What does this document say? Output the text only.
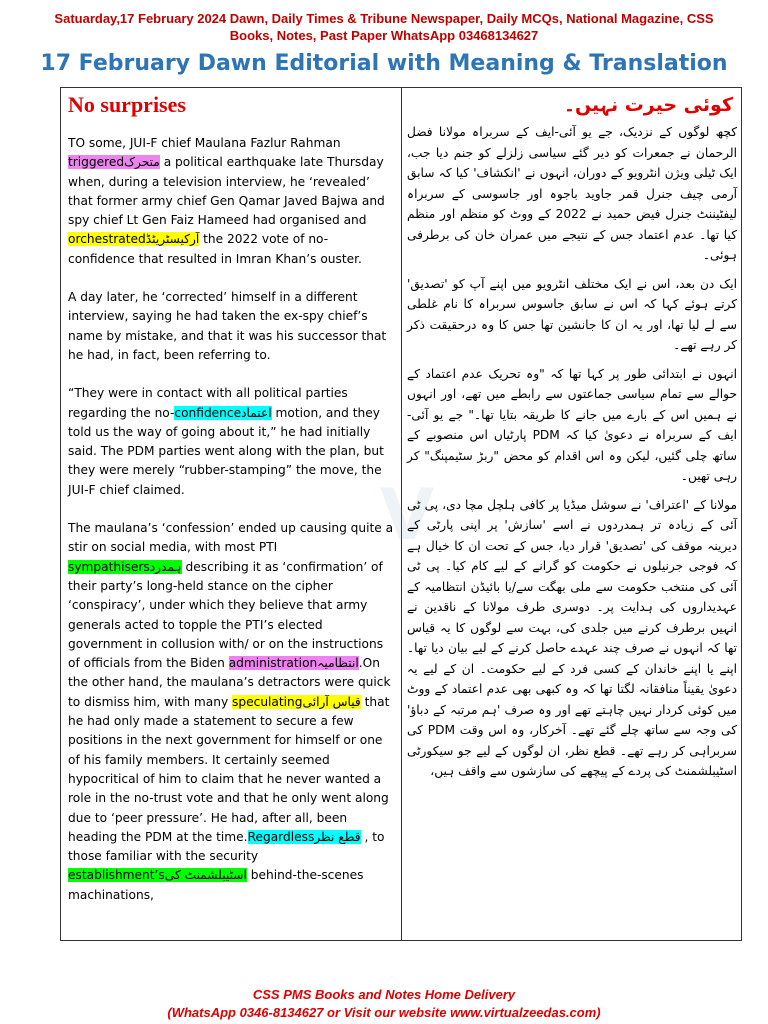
Satuarday,17 February 2024 Dawn, Daily Times & Tribune Newspaper, Daily MCQs, National Magazine, CSS
Books, Notes, Past Paper WhatsApp 03468134627
17 February Dawn Editorial with Meaning & Translation
V
No surprises

TO some, JUI-F chief Maulana Fazlur Rahman triggeredمتحرک a political earthquake late Thursday when, during a television interview, he ‘revealed’ that former army chief Gen Qamar Javed Bajwa and spy chief Lt Gen Faiz Hameed had organised and orchestratedآرکیسٹریٹڈ the 2022 vote of no-confidence that resulted in Imran Khan’s ouster.

A day later, he ‘corrected’ himself in a different interview, saying he had taken the ex-spy chief’s name by mistake, and that it was his successor that he had, in fact, been referring to.

“They were in contact with all political parties regarding the no-confidenceاعتماد motion, and they told us the way of going about it,” he had initially said. The PDM parties went along with the plan, but they were merely “rubber-stamping” the move, the JUI-F chief claimed.

The maulana’s ‘confession’ ended up causing quite a stir on social media, with most PTI sympathisersہمدرد describing it as ‘confirmation’ of their party’s long-held stance on the cipher ‘conspiracy’, under which they believe that army generals acted to topple the PTI’s elected government in collusion with/ or on the instructions of officials from the Biden administrationانتظامیہ.On the other hand, the maulana’s detractors were quick to dismiss him, with many speculatingقیاس آرائی that he had only made a statement to secure a few positions in the next government for himself or one of his family members. It certainly seemed hypocritical of him to claim that he never wanted a role in the no-trust vote and that he only went along due to ‘peer pressure’. He had, after all, been heading the PDM at the time.Regardlessقطع نظر , to those familiar with the security establishment’sاسٹیبلشمنٹ کی behind-the-scenes machinations,

کوئی حیرت نہیں۔

کچھ لوگوں کے نزدیک، جے یو آئی-ایف کے سربراہ مولانا فضل الرحمان نے جمعرات کو دیر گئے سیاسی زلزلے کو جنم دیا جب، ایک ٹیلی ویژن انٹرویو کے دوران، انہوں نے 'انکشاف' کیا کہ سابق آرمی چیف جنرل قمر جاوید باجوہ اور جاسوسی کے سربراہ لیفٹیننٹ جنرل فیض حمید نے 2022 کے ووٹ کو منظم اور منظم کیا تھا۔ عدم اعتماد جس کے نتیجے میں عمران خان کی برطرفی ہوئی۔

ایک دن بعد، اس نے ایک مختلف انٹرویو میں اپنے آپ کو 'تصدیق' کرتے ہوئے کہا کہ اس نے سابق جاسوس سربراہ کا نام غلطی سے لے لیا تھا، اور یہ ان کا جانشین تھا جس کا وہ درحقیقت ذکر کر رہے تھے۔

انہوں نے ابتدائی طور پر کہا تھا کہ "وہ تحریک عدم اعتماد کے حوالے سے تمام سیاسی جماعتوں سے رابطے میں تھے، اور انہوں نے ہمیں اس کے بارے میں جانے کا طریقہ بتایا تھا۔" جے یو آئی-ایف کے سربراہ نے دعویٰ کیا کہ PDM پارٹیاں اس منصوبے کے ساتھ چلی گئیں، لیکن وہ اس اقدام کو محض "ربڑ سٹیمپنگ" کر رہی تھیں۔

مولانا کے 'اعتراف' نے سوشل میڈیا پر کافی ہلچل مچا دی، پی ٹی آئی کے زیادہ تر ہمدردوں نے اسے 'سازش' پر اپنی پارٹی کے دیرینہ موقف کی 'تصدیق' قرار دیا، جس کے تحت ان کا خیال ہے کہ فوجی جرنیلوں نے حکومت کو گرانے کے لیے کام کیا۔ پی ٹی آئی کی منتخب حکومت سے ملی بھگت سے/یا بائیڈن انتظامیہ کے عہدیداروں کی ہدایت پر۔ دوسری طرف مولانا کے ناقدین نے انہیں برطرف کرنے میں جلدی کی، بہت سے لوگوں کا یہ قیاس تھا کہ انہوں نے صرف چند عہدے حاصل کرنے کے لیے بیان دیا تھا۔ اپنے یا اپنے خاندان کے کسی فرد کے لیے حکومت۔ ان کے لیے یہ دعویٰ یقیناً منافقانہ لگتا تھا کہ وہ کبھی بھی عدم اعتماد کے ووٹ میں کوئی کردار نہیں چاہتے تھے اور وہ صرف 'ہم مرتبہ کے دباؤ' کی وجہ سے ساتھ چلے گئے تھے۔ آخرکار، وہ اس وقت PDM کی سربراہی کر رہے تھے۔ قطع نظر، ان لوگوں کے لیے جو سیکورٹی اسٹیبلشمنٹ کی پردے کے پیچھے کی سازشوں سے واقف ہیں،

CSS PMS Books and Notes Home Delivery
(WhatsApp 0346-8134627 or Visit our website www.virtualzeedas.com)
